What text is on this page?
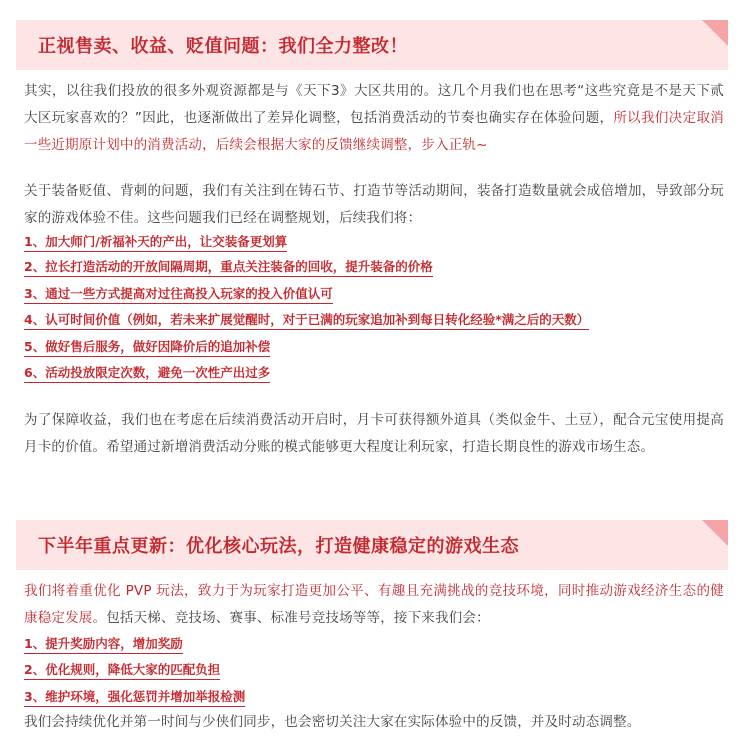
正视售卖、收益、贬值问题：我们全力整改！

其实，以往我们投放的很多外观资源都是与《天下3》大区共用的。这几个月我们也在思考“这些究竟是不是天下贰大区玩家喜欢的？”因此，也逐渐做出了差异化调整，包括消费活动的节奏也确实存在体验问题，所以我们决定取消一些近期原计划中的消费活动，后续会根据大家的反馈继续调整，步入正轨~

关于装备贬值、背刺的问题，我们有关注到在铸石节、打造节等活动期间，装备打造数量就会成倍增加，导致部分玩家的游戏体验不佳。这些问题我们已经在调整规划，后续我们将：

1、加大师门/祈福补天的产出，让交装备更划算
2、拉长打造活动的开放间隔周期，重点关注装备的回收，提升装备的价格
3、通过一些方式提高对过往高投入玩家的投入价值认可
4、认可时间价值（例如，若未来扩展觉醒时，对于已满的玩家追加补到每日转化经验*满之后的天数）
5、做好售后服务，做好因降价后的追加补偿
6、活动投放限定次数，避免一次性产出过多

为了保障收益，我们也在考虑在后续消费活动开启时，月卡可获得额外道具（类似金牛、土豆），配合元宝使用提高月卡的价值。希望通过新增消费活动分账的模式能够更大程度让利玩家，打造长期良性的游戏市场生态。

下半年重点更新：优化核心玩法，打造健康稳定的游戏生态

我们将着重优化 PVP 玩法，致力于为玩家打造更加公平、有趣且充满挑战的竞技环境，同时推动游戏经济生态的健康稳定发展。包括天梯、竞技场、赛事、标准号竞技场等等，接下来我们会：

1、提升奖励内容，增加奖励
2、优化规则，降低大家的匹配负担
3、维护环境，强化惩罚并增加举报检测

我们会持续优化并第一时间与少侠们同步，也会密切关注大家在实际体验中的反馈，并及时动态调整。
